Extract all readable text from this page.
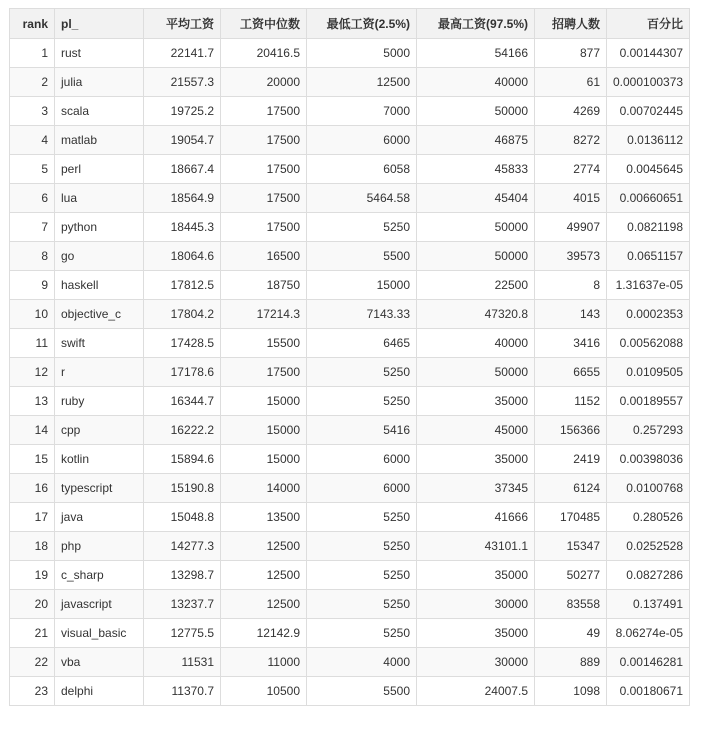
rank	pl_	平均工资	工资中位数	最低工资(2.5%)	最高工资(97.5%)	招聘人数	百分比
1	rust	22141.7	20416.5	5000	54166	877	0.00144307
2	julia	21557.3	20000	12500	40000	61	0.000100373
3	scala	19725.2	17500	7000	50000	4269	0.00702445
4	matlab	19054.7	17500	6000	46875	8272	0.0136112
5	perl	18667.4	17500	6058	45833	2774	0.0045645
6	lua	18564.9	17500	5464.58	45404	4015	0.00660651
7	python	18445.3	17500	5250	50000	49907	0.0821198
8	go	18064.6	16500	5500	50000	39573	0.0651157
9	haskell	17812.5	18750	15000	22500	8	1.31637e-05
10	objective_c	17804.2	17214.3	7143.33	47320.8	143	0.0002353
11	swift	17428.5	15500	6465	40000	3416	0.00562088
12	r	17178.6	17500	5250	50000	6655	0.0109505
13	ruby	16344.7	15000	5250	35000	1152	0.00189557
14	cpp	16222.2	15000	5416	45000	156366	0.257293
15	kotlin	15894.6	15000	6000	35000	2419	0.00398036
16	typescript	15190.8	14000	6000	37345	6124	0.0100768
17	java	15048.8	13500	5250	41666	170485	0.280526
18	php	14277.3	12500	5250	43101.1	15347	0.0252528
19	c_sharp	13298.7	12500	5250	35000	50277	0.0827286
20	javascript	13237.7	12500	5250	30000	83558	0.137491
21	visual_basic	12775.5	12142.9	5250	35000	49	8.06274e-05
22	vba	11531	11000	4000	30000	889	0.00146281
23	delphi	11370.7	10500	5500	24007.5	1098	0.00180671
